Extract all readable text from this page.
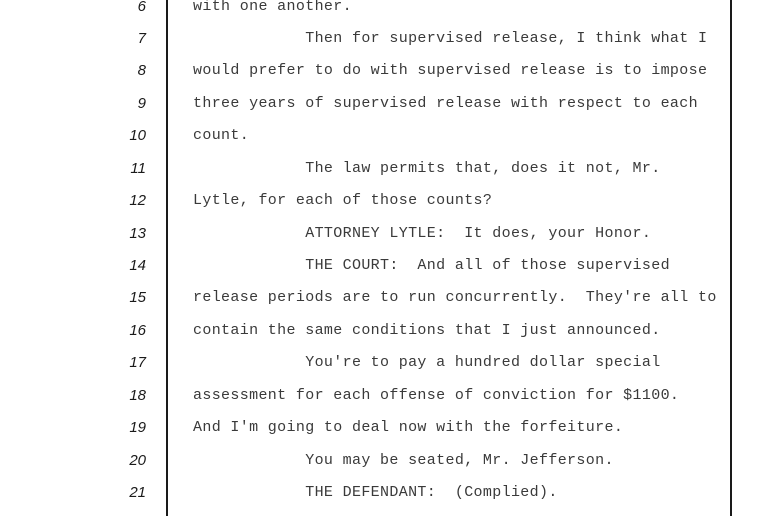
6	with one another.
7	Then for supervised release, I think what I
8	would prefer to do with supervised release is to impose
9	three years of supervised release with respect to each
10	count.
11	The law permits that, does it not, Mr.
12	Lytle, for each of those counts?
13	ATTORNEY LYTLE:  It does, your Honor.
14	THE COURT:  And all of those supervised
15	release periods are to run concurrently.  They're all to
16	contain the same conditions that I just announced.
17	You're to pay a hundred dollar special
18	assessment for each offense of conviction for $1100.
19	And I'm going to deal now with the forfeiture.
20	You may be seated, Mr. Jefferson.
21	THE DEFENDANT:  (Complied).
